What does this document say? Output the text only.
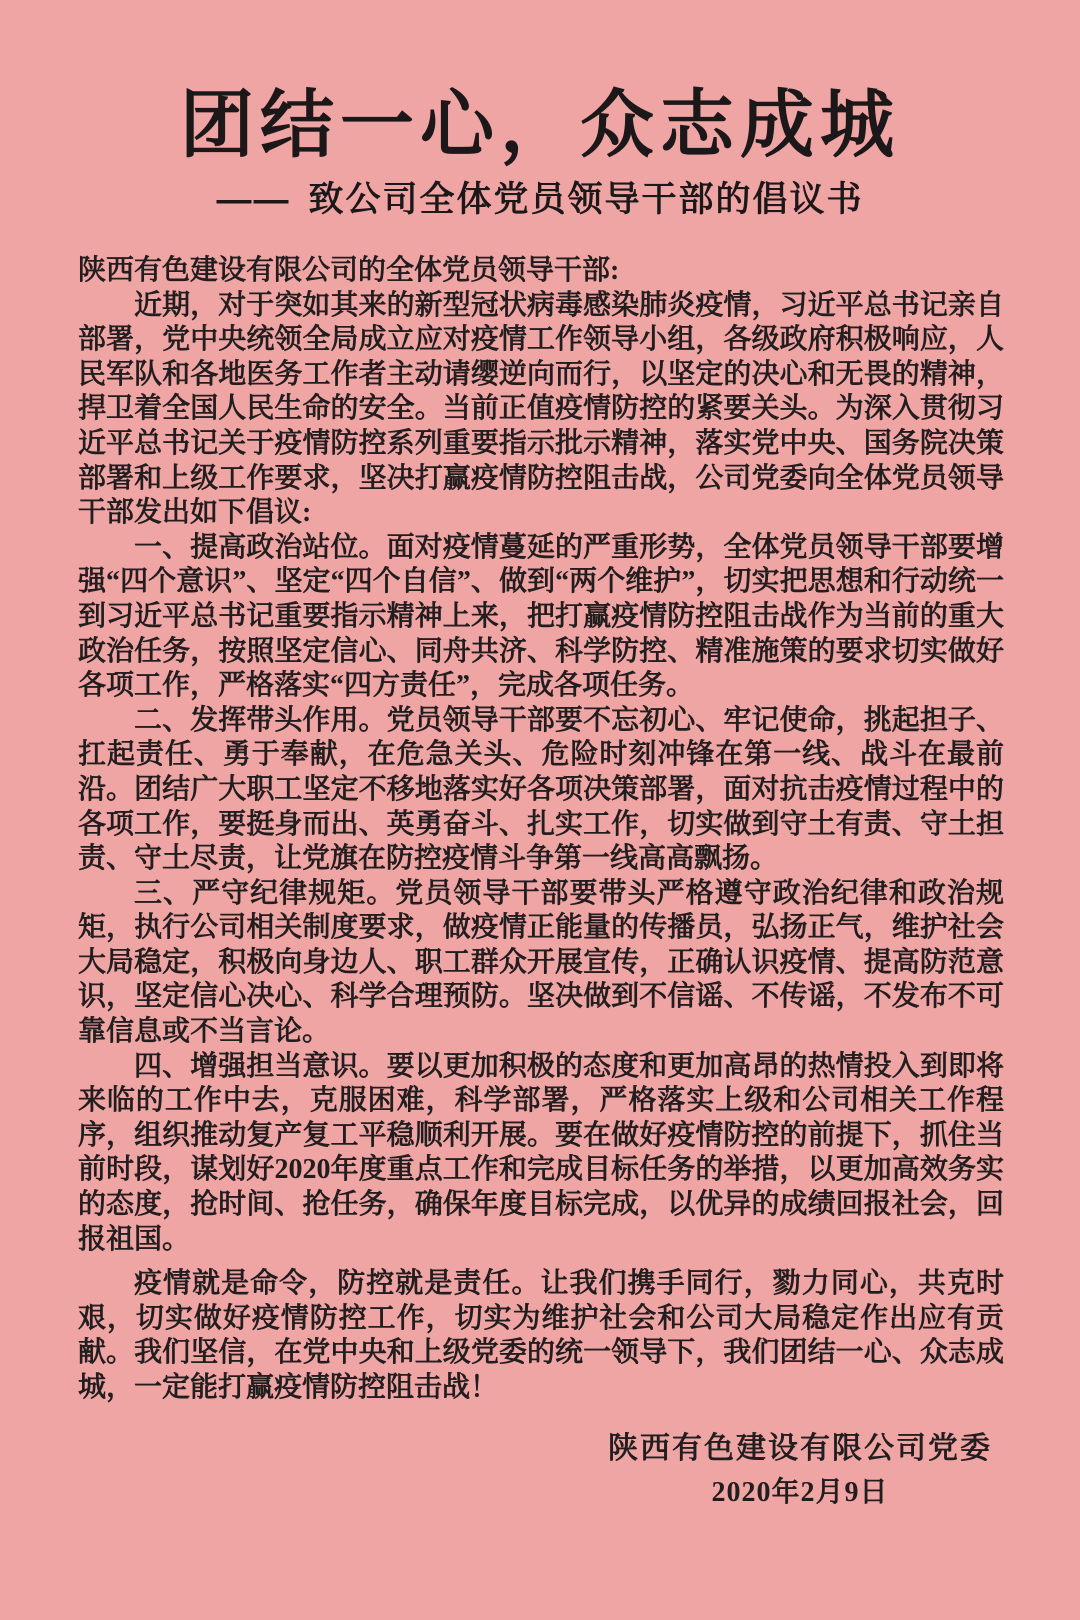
团结一心，众志成城
—— 致公司全体党员领导干部的倡议书

陕西有色建设有限公司的全体党员领导干部:

近期，对于突如其来的新型冠状病毒感染肺炎疫情，习近平总书记亲自部署，党中央统领全局成立应对疫情工作领导小组，各级政府积极响应，人民军队和各地医务工作者主动请缨逆向而行，以坚定的决心和无畏的精神，捍卫着全国人民生命的安全。当前正值疫情防控的紧要关头。为深入贯彻习近平总书记关于疫情防控系列重要指示批示精神，落实党中央、国务院决策部署和上级工作要求，坚决打赢疫情防控阻击战，公司党委向全体党员领导干部发出如下倡议:

一、提高政治站位。面对疫情蔓延的严重形势，全体党员领导干部要增强“四个意识”、坚定“四个自信”、做到“两个维护”，切实把思想和行动统一到习近平总书记重要指示精神上来，把打赢疫情防控阻击战作为当前的重大政治任务，按照坚定信心、同舟共济、科学防控、精准施策的要求切实做好各项工作，严格落实“四方责任”，完成各项任务。

二、发挥带头作用。党员领导干部要不忘初心、牢记使命，挑起担子、扛起责任、勇于奉献，在危急关头、危险时刻冲锋在第一线、战斗在最前沿。团结广大职工坚定不移地落实好各项决策部署，面对抗击疫情过程中的各项工作，要挺身而出、英勇奋斗、扎实工作，切实做到守土有责、守土担责、守土尽责，让党旗在防控疫情斗争第一线高高飘扬。

三、严守纪律规矩。党员领导干部要带头严格遵守政治纪律和政治规矩，执行公司相关制度要求，做疫情正能量的传播员，弘扬正气，维护社会大局稳定，积极向身边人、职工群众开展宣传，正确认识疫情、提高防范意识，坚定信心决心、科学合理预防。坚决做到不信谣、不传谣，不发布不可靠信息或不当言论。

四、增强担当意识。要以更加积极的态度和更加高昂的热情投入到即将来临的工作中去，克服困难，科学部署，严格落实上级和公司相关工作程序，组织推动复产复工平稳顺利开展。要在做好疫情防控的前提下，抓住当前时段，谋划好2020年度重点工作和完成目标任务的举措，以更加高效务实的态度，抢时间、抢任务，确保年度目标完成，以优异的成绩回报社会，回报祖国。

疫情就是命令，防控就是责任。让我们携手同行，勠力同心，共克时艰，切实做好疫情防控工作，切实为维护社会和公司大局稳定作出应有贡献。我们坚信，在党中央和上级党委的统一领导下，我们团结一心、众志成城，一定能打赢疫情防控阻击战！

陕西有色建设有限公司党委
2020年2月9日
